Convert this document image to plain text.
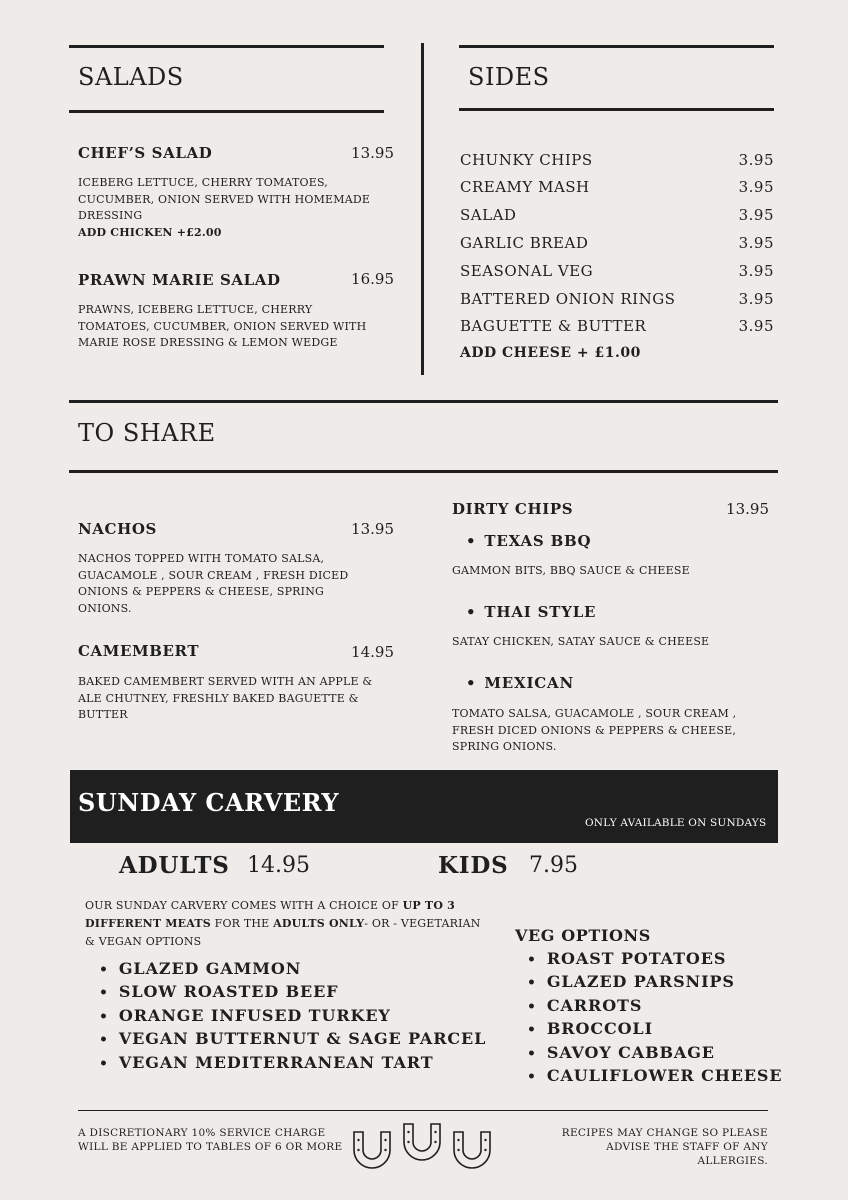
SALADS
CHEF’S SALAD	13.95
ICEBERG LETTUCE, CHERRY TOMATOES, CUCUMBER, ONION SERVED WITH HOMEMADE DRESSING
ADD CHICKEN +£2.00
PRAWN MARIE SALAD	16.95
PRAWNS, ICEBERG LETTUCE, CHERRY TOMATOES, CUCUMBER, ONION SERVED WITH MARIE ROSE DRESSING & LEMON WEDGE
SIDES
CHUNKY CHIPS	3.95
CREAMY MASH	3.95
SALAD	3.95
GARLIC BREAD	3.95
SEASONAL VEG	3.95
BATTERED ONION RINGS	3.95
BAGUETTE & BUTTER	3.95
ADD CHEESE + £1.00
TO SHARE
NACHOS	13.95
NACHOS TOPPED WITH TOMATO SALSA, GUACAMOLE , SOUR CREAM , FRESH DICED ONIONS & PEPPERS & CHEESE, SPRING ONIONS.
CAMEMBERT	14.95
BAKED CAMEMBERT SERVED WITH AN APPLE & ALE CHUTNEY, FRESHLY BAKED BAGUETTE & BUTTER
DIRTY CHIPS	13.95
• TEXAS BBQ
GAMMON BITS, BBQ SAUCE & CHEESE
• THAI STYLE
SATAY CHICKEN, SATAY SAUCE & CHEESE
• MEXICAN
TOMATO SALSA, GUACAMOLE , SOUR CREAM , FRESH DICED ONIONS & PEPPERS & CHEESE, SPRING ONIONS.
SUNDAY CARVERY
ONLY AVAILABLE ON SUNDAYS
ADULTS 14.95	KIDS 7.95
OUR SUNDAY CARVERY COMES WITH A CHOICE OF UP TO 3 DIFFERENT MEATS FOR THE ADULTS ONLY- OR - VEGETARIAN & VEGAN OPTIONS
• GLAZED GAMMON
• SLOW ROASTED BEEF
• ORANGE INFUSED TURKEY
• VEGAN BUTTERNUT & SAGE PARCEL
• VEGAN MEDITERRANEAN TART
VEG OPTIONS
• ROAST POTATOES
• GLAZED PARSNIPS
• CARROTS
• BROCCOLI
• SAVOY CABBAGE
• CAULIFLOWER CHEESE
A DISCRETIONARY 10% SERVICE CHARGE
WILL BE APPLIED TO TABLES OF 6 OR MORE
RECIPES MAY CHANGE SO PLEASE
ADVISE THE STAFF OF ANY ALLERGIES.
